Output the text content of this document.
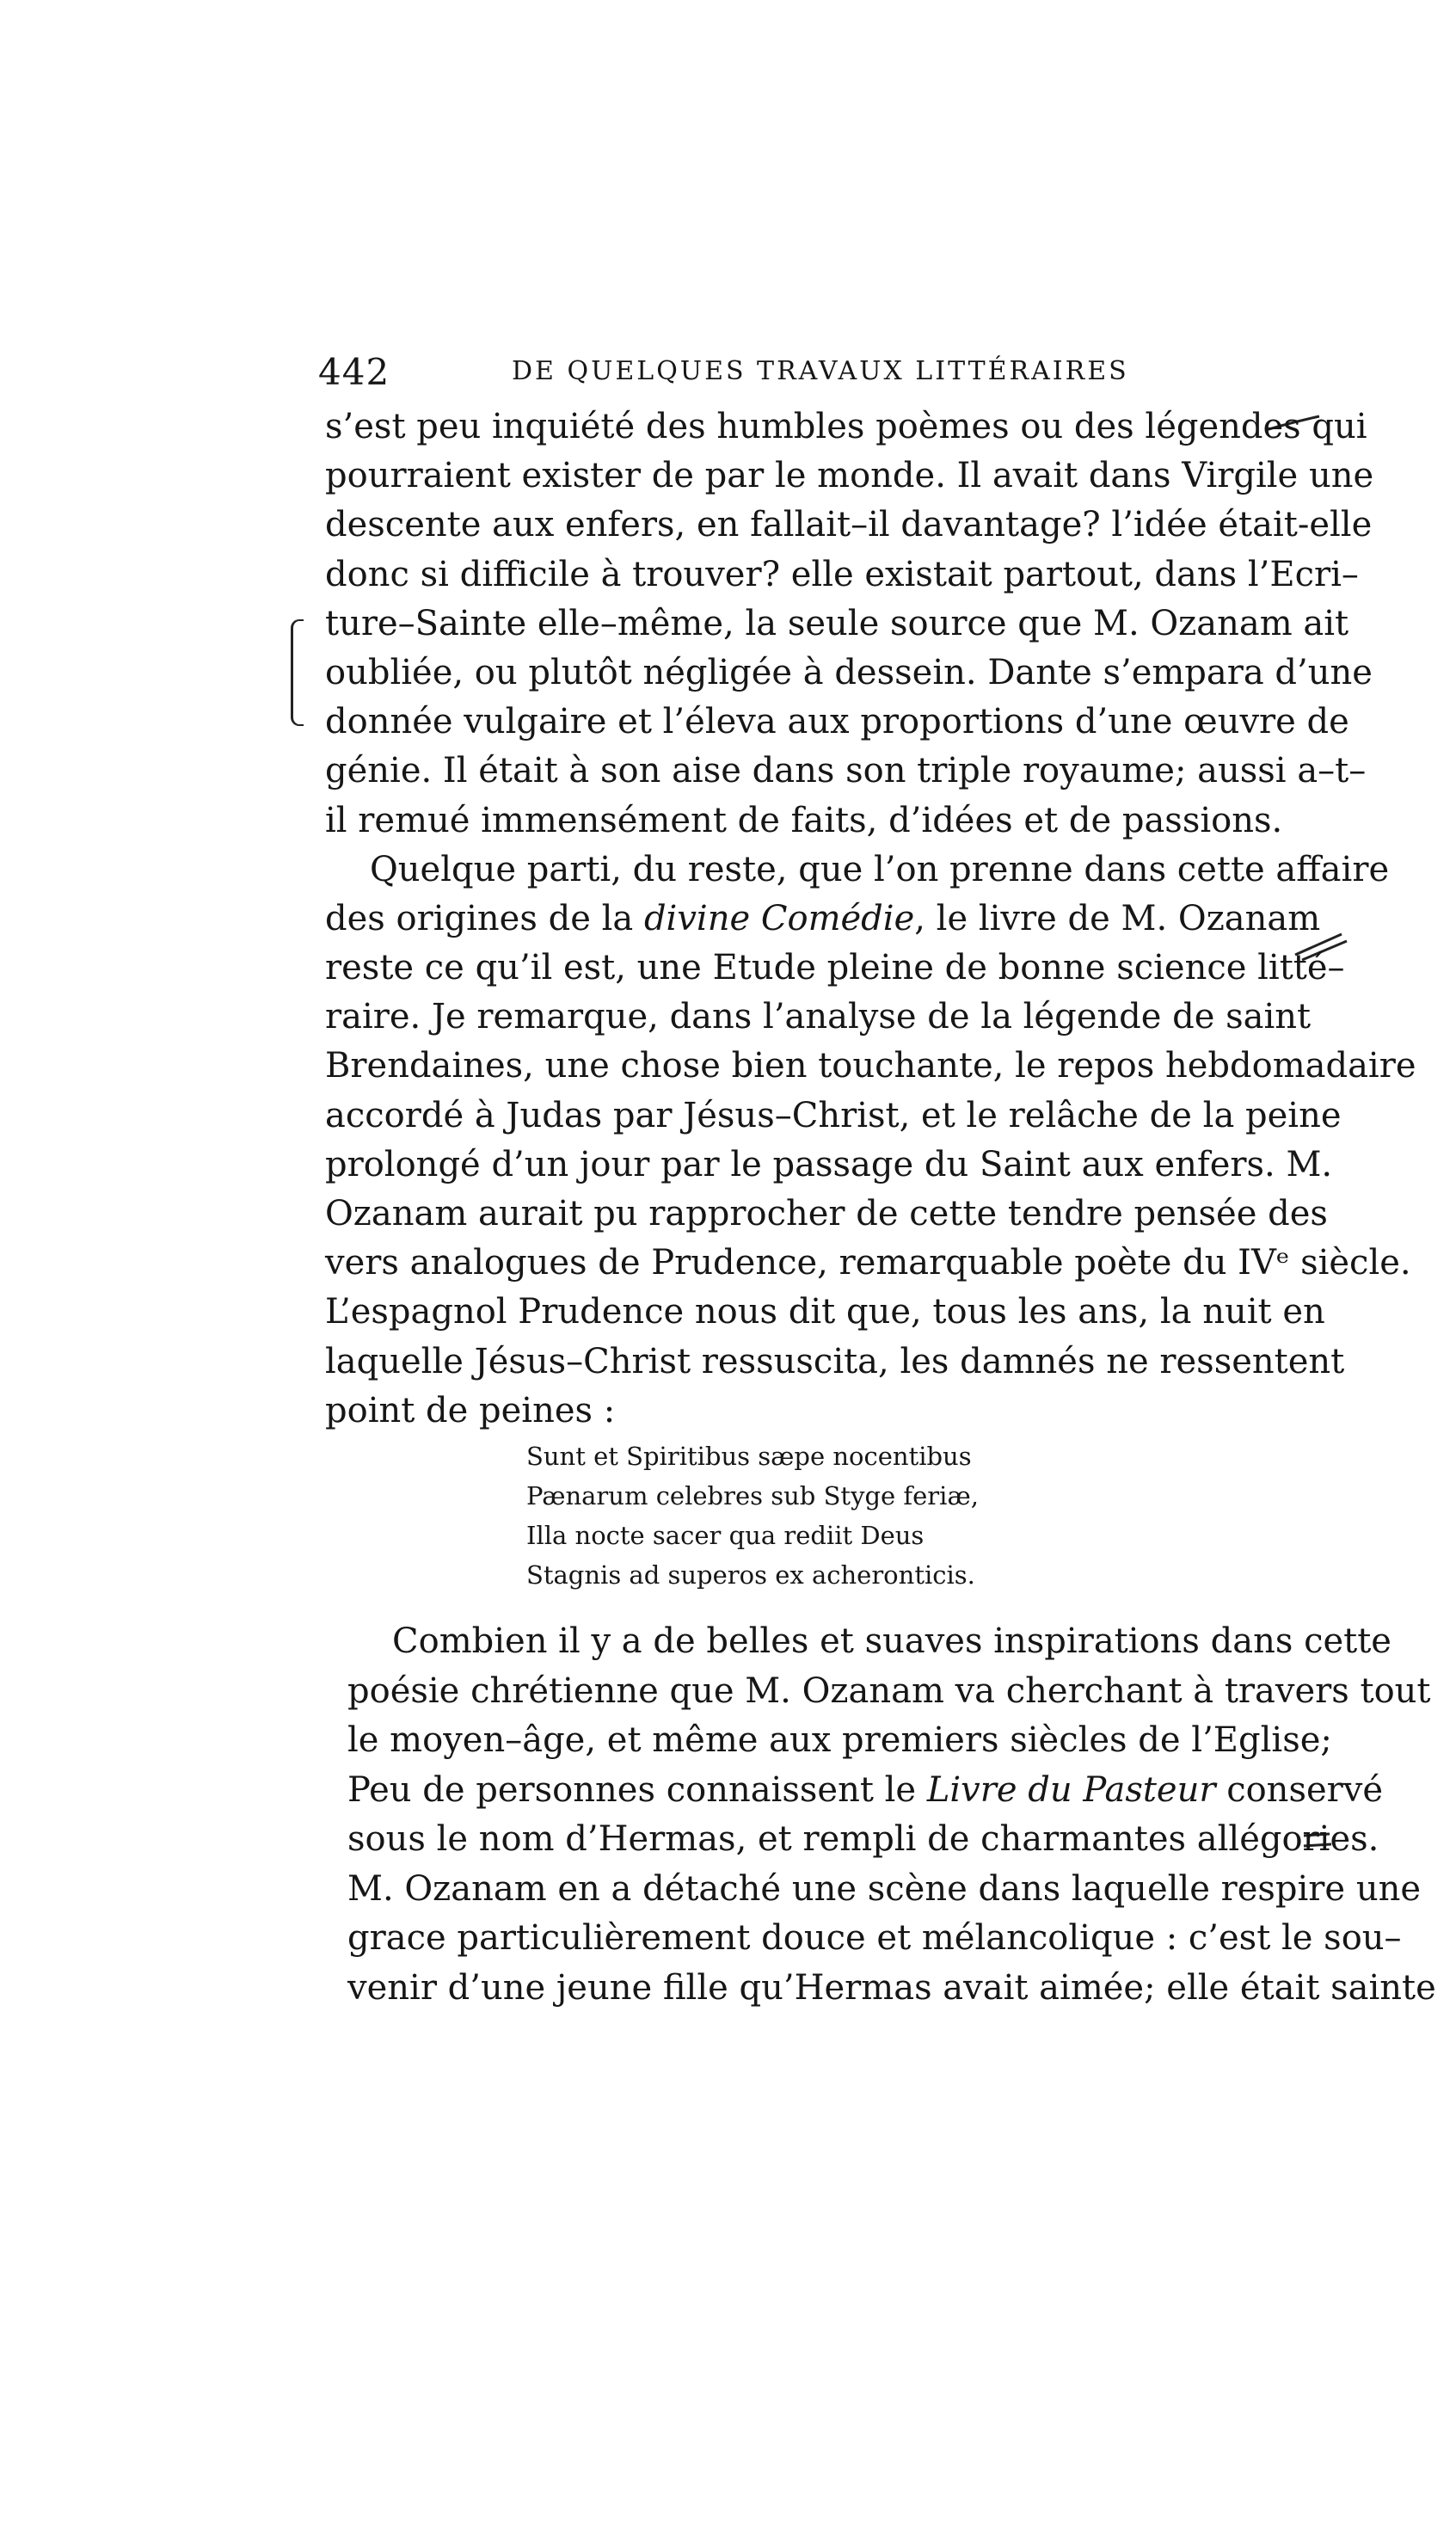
442	DE QUELQUES TRAVAUX LITTÉRAIRES
s’est peu inquiété des humbles poèmes ou des légendes qui
pourraient exister de par le monde. Il avait dans Virgile une
descente aux enfers, en fallait–il davantage? l’idée était-elle
donc si difficile à trouver? elle existait partout, dans l’Ecri–
ture–Sainte elle–même, la seule source que M. Ozanam ait
oubliée, ou plutôt négligée à dessein. Dante s’empara d’une
donnée vulgaire et l’éleva aux proportions d’une œuvre de
génie. Il était à son aise dans son triple royaume; aussi a–t–
il remué immensément de faits, d’idées et de passions.
Quelque parti, du reste, que l’on prenne dans cette affaire
des origines de la divine Comédie, le livre de M. Ozanam
reste ce qu’il est, une Etude pleine de bonne science litté–
raire. Je remarque, dans l’analyse de la légende de saint
Brendaines, une chose bien touchante, le repos hebdomadaire
accordé à Judas par Jésus–Christ, et le relâche de la peine
prolongé d’un jour par le passage du Saint aux enfers. M.
Ozanam aurait pu rapprocher de cette tendre pensée des
vers analogues de Prudence, remarquable poète du IVᵉ siècle.
L’espagnol Prudence nous dit que, tous les ans, la nuit en
laquelle Jésus–Christ ressuscita, les damnés ne ressentent
point de peines :
Sunt et Spiritibus sæpe nocentibus
Pænarum celebres sub Styge feriæ,
Illa nocte sacer qua rediit Deus
Stagnis ad superos ex acheronticis.
Combien il y a de belles et suaves inspirations dans cette
poésie chrétienne que M. Ozanam va cherchant à travers tout
le moyen–âge, et même aux premiers siècles de l’Eglise;
Peu de personnes connaissent le Livre du Pasteur conservé
sous le nom d’Hermas, et rempli de charmantes allégories.
M. Ozanam en a détaché une scène dans laquelle respire une
grace particulièrement douce et mélancolique : c’est le sou–
venir d’une jeune fille qu’Hermas avait aimée; elle était sainte
